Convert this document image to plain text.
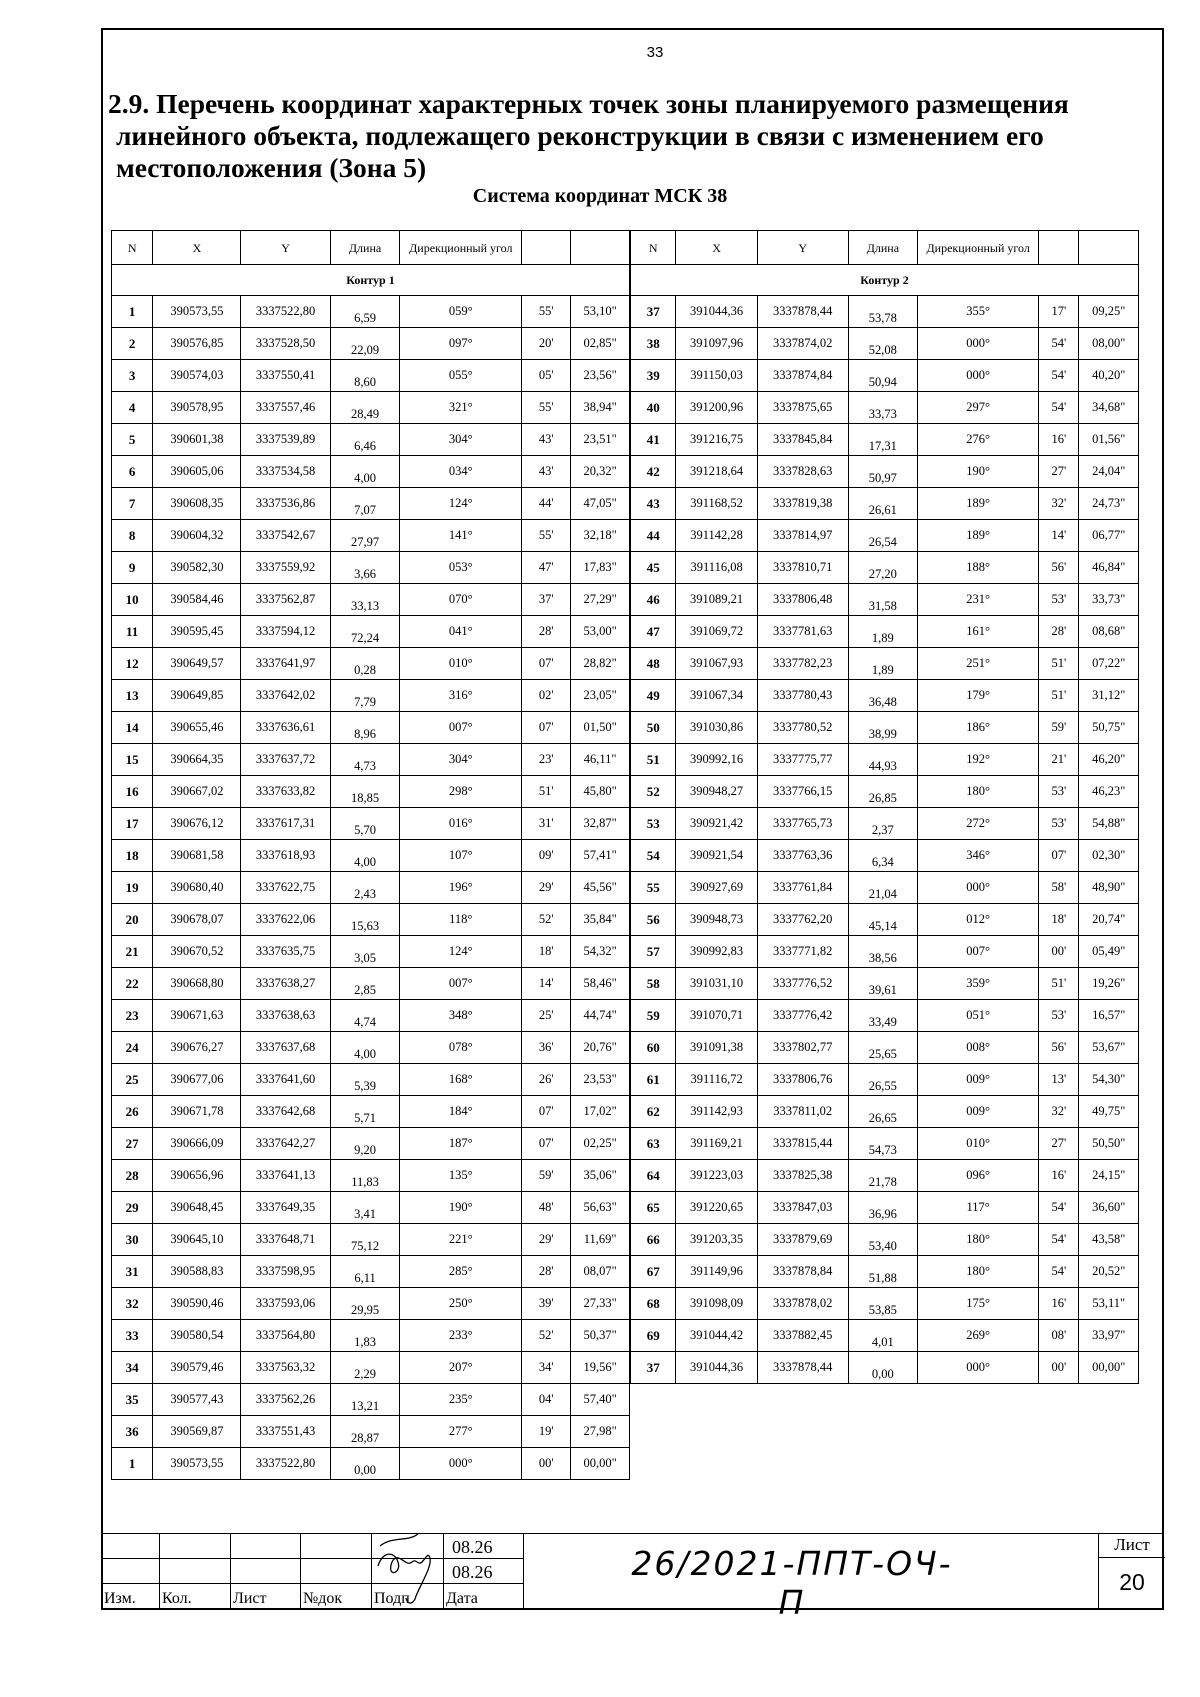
33
2.9. Перечень координат характерных точек зоны планируемого размещения
линейного объекта, подлежащего реконструкции в связи с изменением его
местоположения (Зона 5)
Система координат МСК 38
N	X	Y	Длина	Дирекционный угол		
Контур 1						
1	390573,55	3337522,80	6,59	059°	55'	53,10"
2	390576,85	3337528,50	22,09	097°	20'	02,85"
3	390574,03	3337550,41	8,60	055°	05'	23,56"
4	390578,95	3337557,46	28,49	321°	55'	38,94"
5	390601,38	3337539,89	6,46	304°	43'	23,51"
6	390605,06	3337534,58	4,00	034°	43'	20,32"
7	390608,35	3337536,86	7,07	124°	44'	47,05"
8	390604,32	3337542,67	27,97	141°	55'	32,18"
9	390582,30	3337559,92	3,66	053°	47'	17,83"
10	390584,46	3337562,87	33,13	070°	37'	27,29"
11	390595,45	3337594,12	72,24	041°	28'	53,00"
12	390649,57	3337641,97	0,28	010°	07'	28,82"
13	390649,85	3337642,02	7,79	316°	02'	23,05"
14	390655,46	3337636,61	8,96	007°	07'	01,50"
15	390664,35	3337637,72	4,73	304°	23'	46,11"
16	390667,02	3337633,82	18,85	298°	51'	45,80"
17	390676,12	3337617,31	5,70	016°	31'	32,87"
18	390681,58	3337618,93	4,00	107°	09'	57,41"
19	390680,40	3337622,75	2,43	196°	29'	45,56"
20	390678,07	3337622,06	15,63	118°	52'	35,84"
21	390670,52	3337635,75	3,05	124°	18'	54,32"
22	390668,80	3337638,27	2,85	007°	14'	58,46"
23	390671,63	3337638,63	4,74	348°	25'	44,74"
24	390676,27	3337637,68	4,00	078°	36'	20,76"
25	390677,06	3337641,60	5,39	168°	26'	23,53"
26	390671,78	3337642,68	5,71	184°	07'	17,02"
27	390666,09	3337642,27	9,20	187°	07'	02,25"
28	390656,96	3337641,13	11,83	135°	59'	35,06"
29	390648,45	3337649,35	3,41	190°	48'	56,63"
30	390645,10	3337648,71	75,12	221°	29'	11,69"
31	390588,83	3337598,95	6,11	285°	28'	08,07"
32	390590,46	3337593,06	29,95	250°	39'	27,33"
33	390580,54	3337564,80	1,83	233°	52'	50,37"
34	390579,46	3337563,32	2,29	207°	34'	19,56"
35	390577,43	3337562,26	13,21	235°	04'	57,40"
36	390569,87	3337551,43	28,87	277°	19'	27,98"
1	390573,55	3337522,80	0,00	000°	00'	00,00"
N	X	Y	Длина	Дирекционный угол		
Контур 2						
37	391044,36	3337878,44	53,78	355°	17'	09,25"
38	391097,96	3337874,02	52,08	000°	54'	08,00"
39	391150,03	3337874,84	50,94	000°	54'	40,20"
40	391200,96	3337875,65	33,73	297°	54'	34,68"
41	391216,75	3337845,84	17,31	276°	16'	01,56"
42	391218,64	3337828,63	50,97	190°	27'	24,04"
43	391168,52	3337819,38	26,61	189°	32'	24,73"
44	391142,28	3337814,97	26,54	189°	14'	06,77"
45	391116,08	3337810,71	27,20	188°	56'	46,84"
46	391089,21	3337806,48	31,58	231°	53'	33,73"
47	391069,72	3337781,63	1,89	161°	28'	08,68"
48	391067,93	3337782,23	1,89	251°	51'	07,22"
49	391067,34	3337780,43	36,48	179°	51'	31,12"
50	391030,86	3337780,52	38,99	186°	59'	50,75"
51	390992,16	3337775,77	44,93	192°	21'	46,20"
52	390948,27	3337766,15	26,85	180°	53'	46,23"
53	390921,42	3337765,73	2,37	272°	53'	54,88"
54	390921,54	3337763,36	6,34	346°	07'	02,30"
55	390927,69	3337761,84	21,04	000°	58'	48,90"
56	390948,73	3337762,20	45,14	012°	18'	20,74"
57	390992,83	3337771,82	38,56	007°	00'	05,49"
58	391031,10	3337776,52	39,61	359°	51'	19,26"
59	391070,71	3337776,42	33,49	051°	53'	16,57"
60	391091,38	3337802,77	25,65	008°	56'	53,67"
61	391116,72	3337806,76	26,55	009°	13'	54,30"
62	391142,93	3337811,02	26,65	009°	32'	49,75"
63	391169,21	3337815,44	54,73	010°	27'	50,50"
64	391223,03	3337825,38	21,78	096°	16'	24,15"
65	391220,65	3337847,03	36,96	117°	54'	36,60"
66	391203,35	3337879,69	53,40	180°	54'	43,58"
67	391149,96	3337878,84	51,88	180°	54'	20,52"
68	391098,09	3337878,02	53,85	175°	16'	53,11"
69	391044,42	3337882,45	4,01	269°	08'	33,97"
37	391044,36	3337878,44	0,00	000°	00'	00,00"
					08.26
					08.26
Изм.	Кол.	Лист	№док	Подп	Дата
26/2021-ППТ-ОЧ-П
Лист
20
